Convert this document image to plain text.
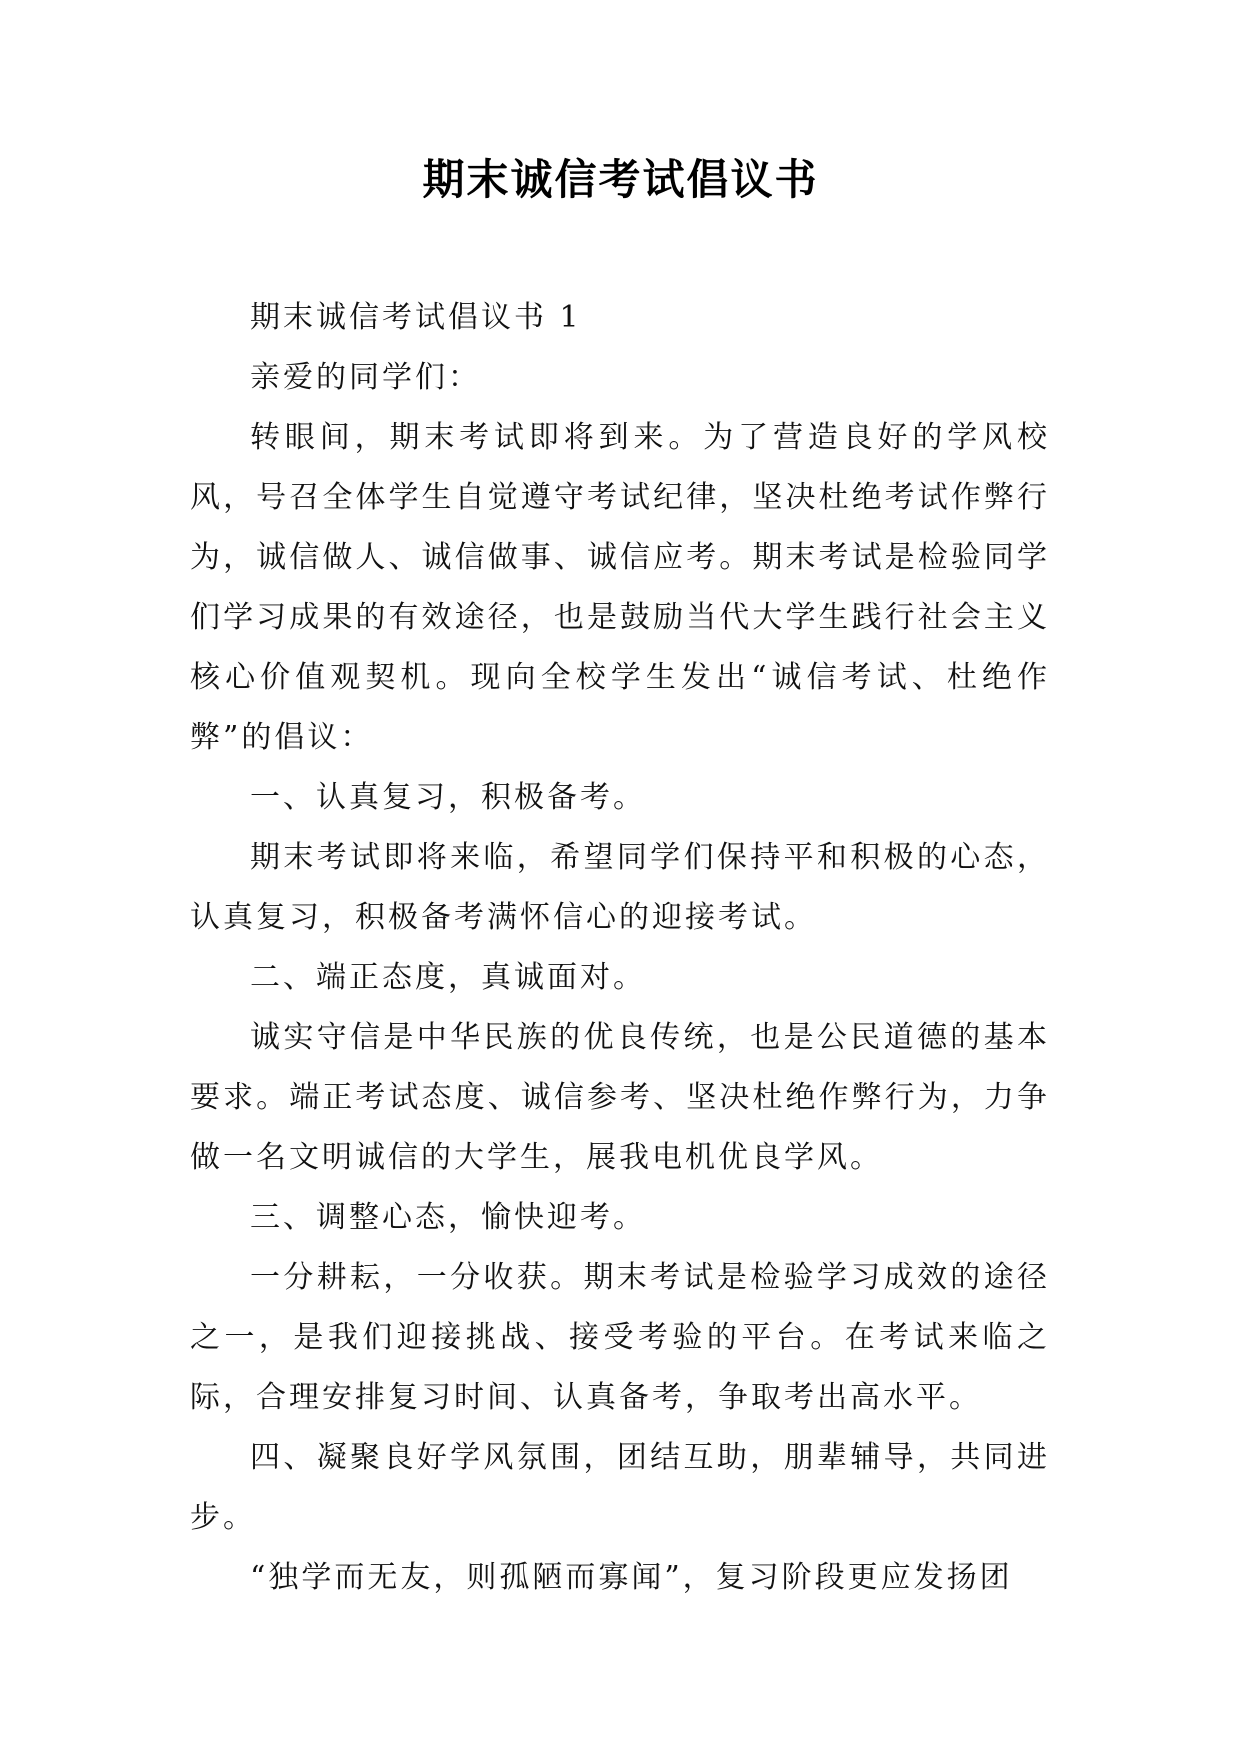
期末诚信考试倡议书

期末诚信考试倡议书 1

亲爱的同学们：

转眼间，期末考试即将到来。为了营造良好的学风校风，号召全体学生自觉遵守考试纪律，坚决杜绝考试作弊行为，诚信做人、诚信做事、诚信应考。期末考试是检验同学们学习成果的有效途径，也是鼓励当代大学生践行社会主义核心价值观契机。现向全校学生发出“诚信考试、杜绝作弊”的倡议：

一、认真复习，积极备考。

期末考试即将来临，希望同学们保持平和积极的心态，认真复习，积极备考满怀信心的迎接考试。

二、端正态度，真诚面对。

诚实守信是中华民族的优良传统，也是公民道德的基本要求。端正考试态度、诚信参考、坚决杜绝作弊行为，力争做一名文明诚信的大学生，展我电机优良学风。

三、调整心态，愉快迎考。

一分耕耘，一分收获。期末考试是检验学习成效的途径之一，是我们迎接挑战、接受考验的平台。在考试来临之际，合理安排复习时间、认真备考，争取考出高水平。

四、凝聚良好学风氛围，团结互助，朋辈辅导，共同进步。

“独学而无友，则孤陋而寡闻”，复习阶段更应发扬团
